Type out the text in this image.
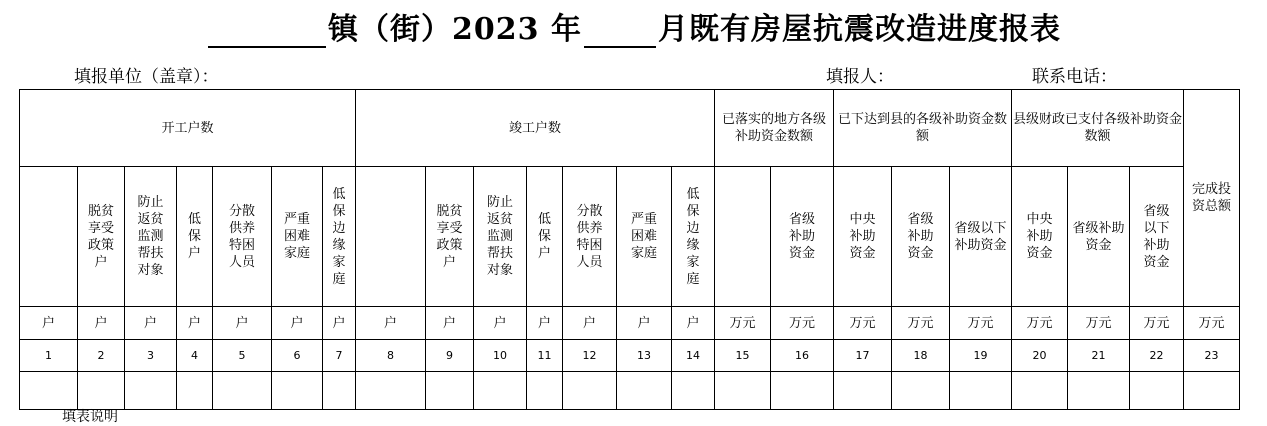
镇（街）2023 年	月既有房屋抗震改造进度报表
填报单位（盖章）：	填报人：	联系电话：
开工户数							竣工户数							已落实的地方各级补助资金数额		已下达到县的各级补助资金数额			县级财政已支付各级补助资金数额			完成投资总额
	脱贫享受政策户	防止返贫监测帮扶对象	低保户	分散供养特困人员	严重困难家庭	低保边缘家庭		脱贫享受政策户	防止返贫监测帮扶对象	低保户	分散供养特困人员	严重困难家庭	低保边缘家庭		省级补助资金	中央补助资金	省级补助资金	省级以下补助资金	中央补助资金	省级补助资金	省级以下补助资金	
户	户	户	户	户	户	户	户	户	户	户	户	户	户	万元	万元	万元	万元	万元	万元	万元	万元	万元
1	2	3	4	5	6	7	8	9	10	11	12	13	14	15	16	17	18	19	20	21	22	23

填表说明
